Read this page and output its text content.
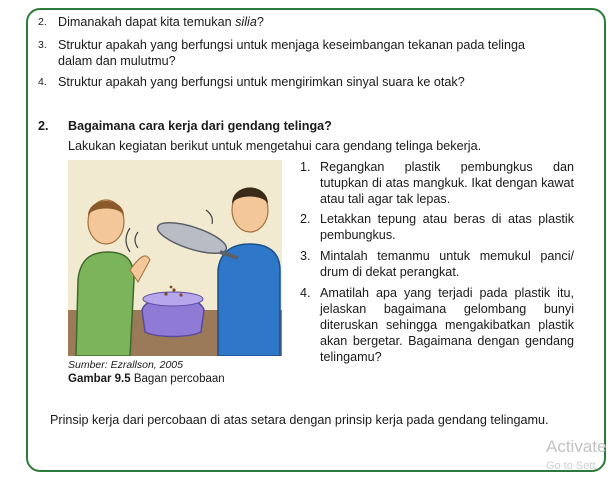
2. Dimanakah dapat kita temukan silia?
3. Struktur apakah yang berfungsi untuk menjaga keseimbangan tekanan pada telinga
dalam dan mulutmu?
4. Struktur apakah yang berfungsi untuk mengirimkan sinyal suara ke otak?
2. Bagaimana cara kerja dari gendang telinga?
Lakukan kegiatan berikut untuk mengetahui cara gendang telinga bekerja.
Sumber: Ezrallson, 2005
Gambar 9.5 Bagan percobaan
1. Regangkan plastik pembungkus dan tutupkan di atas mangkuk. Ikat dengan kawat atau tali agar tak lepas.
2. Letakkan tepung atau beras di atas plastik pembungkus.
3. Mintalah temanmu untuk memukul panci/ drum di dekat perangkat.
4. Amatilah apa yang terjadi pada plastik itu, jelaskan bagaimana gelombang bunyi diteruskan sehingga mengakibatkan plastik akan bergetar. Bagaimana dengan gendang telingamu?
Prinsip kerja dari percobaan di atas setara dengan prinsip kerja pada gendang telingamu.
Activate
Go to Sett
